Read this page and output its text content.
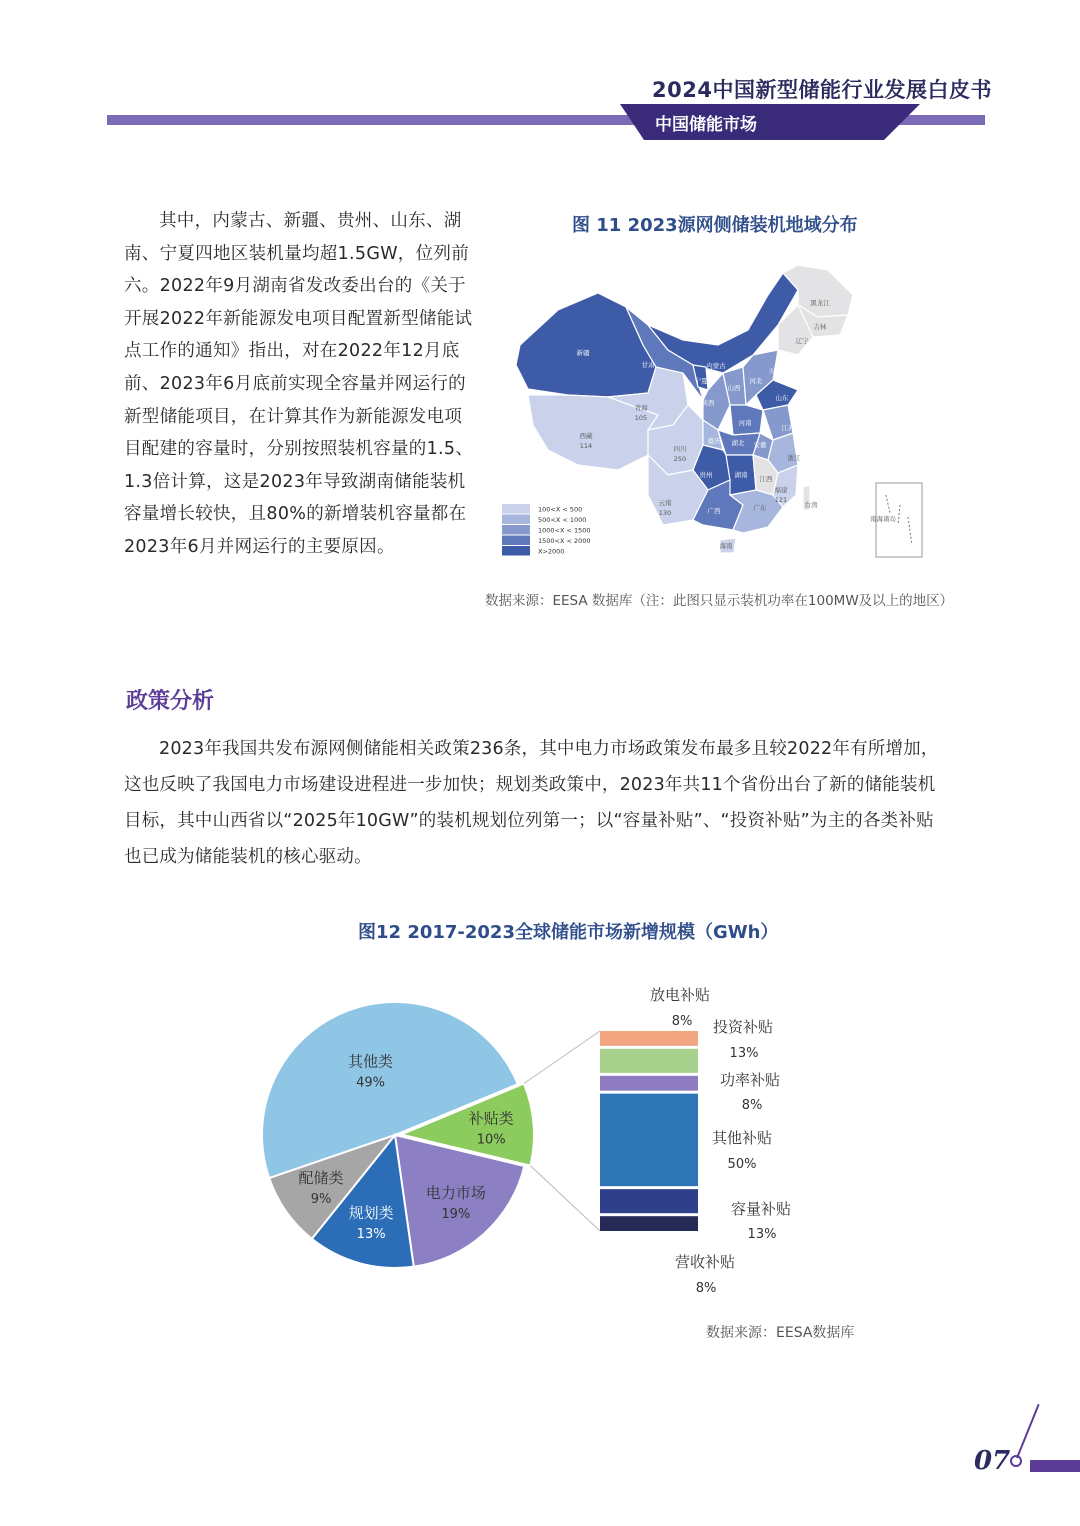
2024中国新型储能行业发展白皮书
中国储能市场
其中，内蒙古、新疆、贵州、山东、湖南、宁夏四地区装机量均超1.5GW，位列前六。2022年9月湖南省发改委出台的《关于开展2022年新能源发电项目配置新型储能试点工作的通知》指出，对在2022年12月底前、2023年6月底前实现全容量并网运行的新型储能项目，在计算其作为新能源发电项目配建的容量时，分别按照装机容量的1.5、1.3倍计算，这是2023年导致湖南储能装机容量增长较快，且80%的新增装机容量都在2023年6月并网运行的主要原因。
图 11 2023源网侧储装机地域分布
100<X < 500
500<X < 1000
1000<X < 1500
1500<X < 2000
X>2000
新疆
西藏
114
青海
105
甘肃	内蒙古
黑龙江
吉林
辽宁
四川
250
云南
130
重庆
贵州
广西	广东
湖南
湖北
河南
陕西
山西
河北
天津
山东
江苏
安徽
浙江
江西
福建
121
台湾
海南
宁夏
南海诸岛
数据来源：EESA 数据库（注：此图只显示装机功率在100MW及以上的地区）
政策分析
2023年我国共发布源网侧储能相关政策236条，其中电力市场政策发布最多且较2022年有所增加，这也反映了我国电力市场建设进程进一步加快；规划类政策中，2023年共11个省份出台了新的储能装机目标，其中山西省以“2025年10GW”的装机规划位列第一；以“容量补贴”、“投资补贴”为主的各类补贴也已成为储能装机的核心驱动。
图12 2017-2023全球储能市场新增规模（GWh）
其他类
49%
补贴类
10%
电力市场
19%
规划类
13%
配储类
9%
放电补贴
8% 投资补贴
13%
功率补贴
8%
其他补贴
50%
容量补贴
13%
营收补贴
8%
数据来源：EESA数据库
07
